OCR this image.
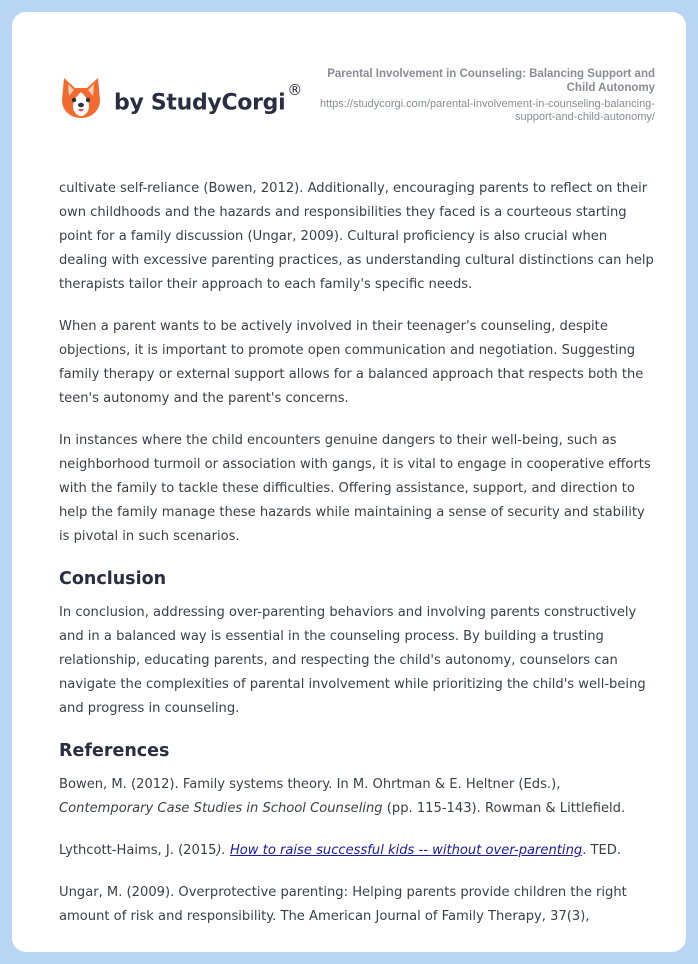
by StudyCorgi®
Parental Involvement in Counseling: Balancing Support and Child Autonomy
https://studycorgi.com/parental-involvement-in-counseling-balancing-support-and-child-autonomy/

cultivate self-reliance (Bowen, 2012). Additionally, encouraging parents to reflect on their own childhoods and the hazards and responsibilities they faced is a courteous starting point for a family discussion (Ungar, 2009). Cultural proficiency is also crucial when dealing with excessive parenting practices, as understanding cultural distinctions can help therapists tailor their approach to each family's specific needs.

When a parent wants to be actively involved in their teenager's counseling, despite objections, it is important to promote open communication and negotiation. Suggesting family therapy or external support allows for a balanced approach that respects both the teen's autonomy and the parent's concerns.

In instances where the child encounters genuine dangers to their well-being, such as neighborhood turmoil or association with gangs, it is vital to engage in cooperative efforts with the family to tackle these difficulties. Offering assistance, support, and direction to help the family manage these hazards while maintaining a sense of security and stability is pivotal in such scenarios.

Conclusion

In conclusion, addressing over-parenting behaviors and involving parents constructively and in a balanced way is essential in the counseling process. By building a trusting relationship, educating parents, and respecting the child's autonomy, counselors can navigate the complexities of parental involvement while prioritizing the child's well-being and progress in counseling.

References
Bowen, M. (2012). Family systems theory. In M. Ohrtman & E. Heltner (Eds.), Contemporary Case Studies in School Counseling (pp. 115-143). Rowman & Littlefield.
Lythcott-Haims, J. (2015). How to raise successful kids -- without over-parenting. TED.
Ungar, M. (2009). Overprotective parenting: Helping parents provide children the right amount of risk and responsibility. The American Journal of Family Therapy, 37(3),
